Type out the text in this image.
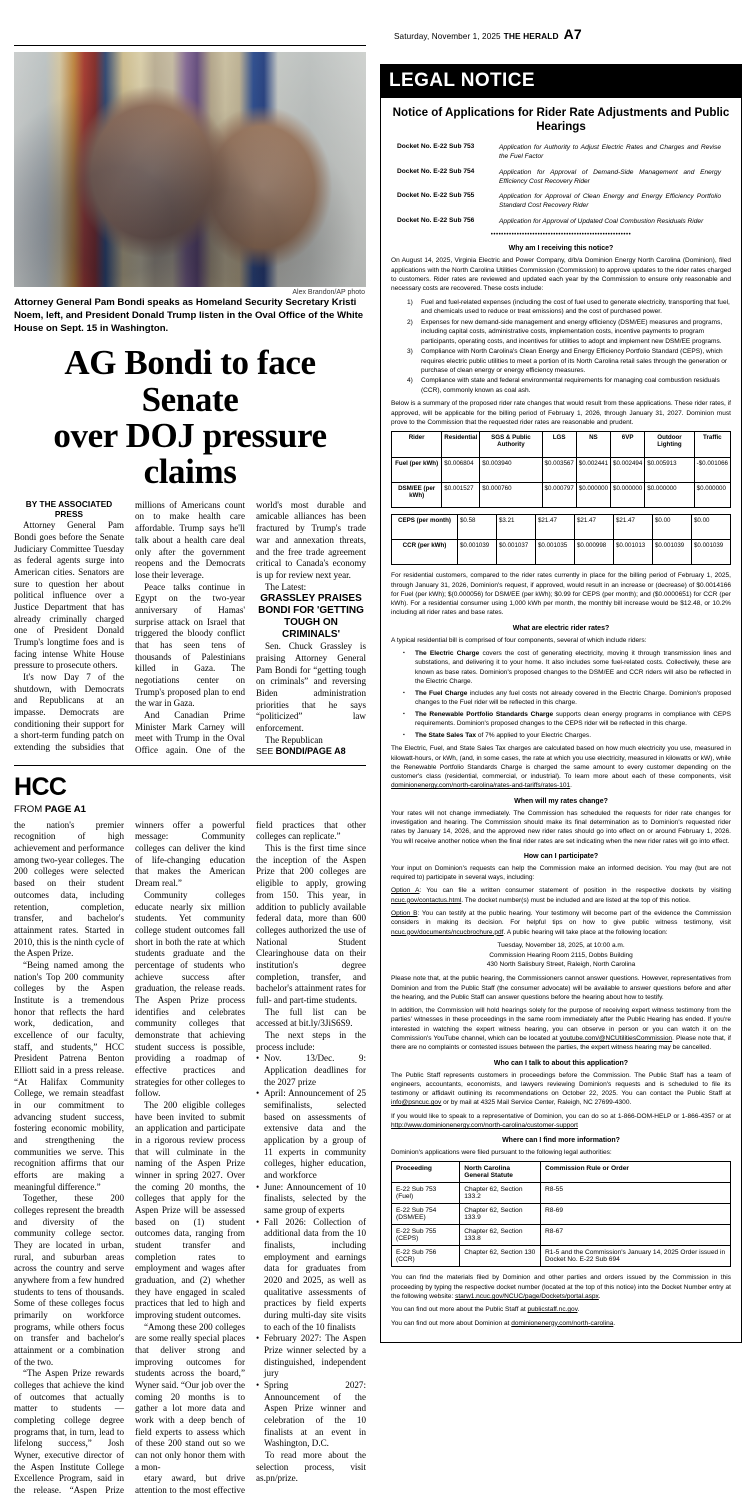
Saturday, November 1, 2025 THE HERALD A7
Alex Brandon/AP photo
Attorney General Pam Bondi speaks as Homeland Security Secretary Kristi Noem, left, and President Donald Trump listen in the Oval Office of the White House on Sept. 15 in Washington.
AG Bondi to face Senate
over DOJ pressure claims

BY THE ASSOCIATED PRESS

Attorney General Pam Bondi goes before the Senate Judiciary Committee Tuesday as federal agents surge into American cities. Senators are sure to question her about political influence over a Justice Department that has already criminally charged one of President Donald Trump's longtime foes and is facing intense White House pressure to prosecute others.

It's now Day 7 of the shutdown, with Democrats and Republicans at an impasse. Democrats are conditioning their support for a short-term funding patch on extending the subsidies that millions of Americans count on to make health care affordable. Trump says he'll talk about a health care deal only after the government reopens and the Democrats lose their leverage.

Peace talks continue in Egypt on the two-year anniversary of Hamas' surprise attack on Israel that triggered the bloody conflict that has seen tens of thousands of Palestinians killed in Gaza. The negotiations center on Trump's proposed plan to end the war in Gaza.

And Canadian Prime Minister Mark Carney will meet with Trump in the Oval Office again. One of the world's most durable and amicable alliances has been fractured by Trump's trade war and annexation threats, and the free trade agreement critical to Canada's economy is up for review next year.

The Latest:

GRASSLEY PRAISES BONDI FOR 'GETTING TOUGH ON CRIMINALS'

Sen. Chuck Grassley is praising Attorney General Pam Bondi for “getting tough on criminals” and reversing Biden administration priorities that he says “politicized” law enforcement.

The Republican

SEE BONDI/PAGE A8

HCC
FROM PAGE A1

the nation's premier recognition of high achievement and performance among two-year colleges. The 200 colleges were selected based on their student outcomes data, including retention, completion, transfer, and bachelor's attainment rates. Started in 2010, this is the ninth cycle of the Aspen Prize.

“Being named among the nation's Top 200 community colleges by the Aspen Institute is a tremendous honor that reflects the hard work, dedication, and excellence of our faculty, staff, and students,” HCC President Patrena Benton Elliott said in a press release. “At Halifax Community College, we remain steadfast in our commitment to advancing student success, fostering economic mobility, and strengthening the communities we serve. This recognition affirms that our efforts are making a meaningful difference.”

Together, these 200 colleges represent the breadth and diversity of the community college sector. They are located in urban, rural, and suburban areas across the country and serve anywhere from a few hundred students to tens of thousands. Some of these colleges focus primarily on workforce programs, while others focus on transfer and bachelor's attainment or a combination of the two.

“The Aspen Prize rewards colleges that achieve the kind of outcomes that actually matter to students — completing college degree programs that, in turn, lead to lifelong success,” Josh Wyner, executive director of the Aspen Institute College Excellence Program, said in the release. “Aspen Prize winners offer a powerful message: Community colleges can deliver the kind of life-changing education that makes the American Dream real.”

Community colleges educate nearly six million students. Yet community college student outcomes fall short in both the rate at which students graduate and the percentage of students who achieve success after graduation, the release reads. The Aspen Prize process identifies and celebrates community colleges that demonstrate that achieving student success is possible, providing a roadmap of effective practices and strategies for other colleges to follow.

The 200 eligible colleges have been invited to submit an application and participate in a rigorous review process that will culminate in the naming of the Aspen Prize winner in spring 2027. Over the coming 20 months, the colleges that apply for the Aspen Prize will be assessed based on (1) student outcomes data, ranging from student transfer and completion rates to employment and wages after graduation, and (2) whether they have engaged in scaled practices that led to high and improving student outcomes.

“Among these 200 colleges are some really special places that deliver strong and improving outcomes for students across the board,” Wyner said. “Our job over the coming 20 months is to gather a lot more data and work with a deep bench of field experts to assess which of these 200 stand out so we can not only honor them with a mon-

etary award, but drive attention to the most effective field practices that other colleges can replicate.”

This is the first time since the inception of the Aspen Prize that 200 colleges are eligible to apply, growing from 150. This year, in addition to publicly available federal data, more than 600 colleges authorized the use of National Student Clearinghouse data on their institution's degree completion, transfer, and bachelor's attainment rates for full- and part-time students.

The full list can be accessed at bit.ly/3JiS6S9.

The next steps in the process include:

• Nov. 13/Dec. 9: Application deadlines for the 2027 prize
• April: Announcement of 25 semifinalists, selected based on assessments of extensive data and the application by a group of 11 experts in community colleges, higher education, and workforce
• June: Announcement of 10 finalists, selected by the same group of experts
• Fall 2026: Collection of additional data from the 10 finalists, including employment and earnings data for graduates from 2020 and 2025, as well as qualitative assessments of practices by field experts during multi-day site visits to each of the 10 finalists
• February 2027: The Aspen Prize winner selected by a distinguished, independent jury
• Spring 2027: Announcement of the Aspen Prize winner and celebration of the 10 finalists at an event in Washington, D.C.

To read more about the selection process, visit as.pn/prize.

LEGAL NOTICE
Notice of Applications for Rider Rate Adjustments and Public Hearings
Docket No. E-22 Sub 753	Application for Authority to Adjust Electric Rates and Charges and Revise the Fuel Factor
Docket No. E-22 Sub 754	Application for Approval of Demand-Side Management and Energy Efficiency Cost Recovery Rider
Docket No. E-22 Sub 755	Application for Approval of Clean Energy and Energy Efficiency Portfolio Standard Cost Recovery Rider
Docket No. E-22 Sub 756	Application for Approval of Updated Coal Combustion Residuals Rider
••••••••••••••••••••••••••••••••••••••••••••••••••••••
Why am I receiving this notice?
On August 14, 2025, Virginia Electric and Power Company, d/b/a Dominion Energy North Carolina (Dominion), filed applications with the North Carolina Utilities Commission (Commission) to approve updates to the rider rates charged to customers. Rider rates are reviewed and updated each year by the Commission to ensure only reasonable and necessary costs are recovered. These costs include:
1) Fuel and fuel-related expenses (including the cost of fuel used to generate electricity, transporting that fuel, and chemicals used to reduce or treat emissions) and the cost of purchased power.
2) Expenses for new demand-side management and energy efficiency (DSM/EE) measures and programs, including capital costs, administrative costs, implementation costs, incentive payments to program participants, operating costs, and incentives for utilities to adopt and implement new DSM/EE programs.
3) Compliance with North Carolina's Clean Energy and Energy Efficiency Portfolio Standard (CEPS), which requires electric public utilities to meet a portion of its North Carolina retail sales through the generation or purchase of clean energy or energy efficiency measures.
4) Compliance with state and federal environmental requirements for managing coal combustion residuals (CCR), commonly known as coal ash.
Below is a summary of the proposed rider rate changes that would result from these applications. These rider rates, if approved, will be applicable for the billing period of February 1, 2026, through January 31, 2027. Dominion must prove to the Commission that the requested rider rates are reasonable and prudent.
Rider	Residential	SGS & Public Authority	LGS	NS	6VP	Outdoor Lighting	Traffic
Fuel (per kWh)	$0.006804	$0.003940	$0.003567	$0.002441	$0.002494	$0.005913	-$0.001066
DSM/EE (per kWh)	$0.001527	$0.000760	$0.000797	$0.000000	$0.000000	$0.000000	$0.000000
CEPS (per month)	$0.58	$3.21	$21.47	$21.47	$21.47	$0.00	$0.00
CCR (per kWh)	$0.001039	$0.001037	$0.001035	$0.000998	$0.001013	$0.001039	$0.001039
For residential customers, compared to the rider rates currently in place for the billing period of February 1, 2025, through January 31, 2026, Dominion's request, if approved, would result in an increase or (decrease) of $0.0014166 for Fuel (per kWh); $(0.000056) for DSM/EE (per kWh); $0.99 for CEPS (per month); and ($0.0000651) for CCR (per kWh). For a residential consumer using 1,000 kWh per month, the monthly bill increase would be $12.48, or 10.2% including all rider rates and base rates.
What are electric rider rates?
A typical residential bill is comprised of four components, several of which include riders:
▪ The Electric Charge covers the cost of generating electricity, moving it through transmission lines and substations, and delivering it to your home. It also includes some fuel-related costs. Collectively, these are known as base rates. Dominion's proposed changes to the DSM/EE and CCR riders will also be reflected in the Electric Charge.
▪ The Fuel Charge includes any fuel costs not already covered in the Electric Charge. Dominion's proposed changes to the Fuel rider will be reflected in this charge.
▪ The Renewable Portfolio Standards Charge supports clean energy programs in compliance with CEPS requirements. Dominion's proposed changes to the CEPS rider will be reflected in this charge.
▪ The State Sales Tax of 7% applied to your Electric Charges.
The Electric, Fuel, and State Sales Tax charges are calculated based on how much electricity you use, measured in kilowatt-hours, or kWh, (and, in some cases, the rate at which you use electricity, measured in kilowatts or kW), while the Renewable Portfolio Standards Charge is charged the same amount to every customer depending on the customer's class (residential, commercial, or industrial). To learn more about each of these components, visit dominionenergy.com/north-carolina/rates-and-tariffs/rates-101.
When will my rates change?
Your rates will not change immediately. The Commission has scheduled the requests for rider rate changes for investigation and hearing. The Commission should make its final determination as to Dominion's requested rider rates by January 14, 2026, and the approved new rider rates should go into effect on or around February 1, 2026. You will receive another notice when the final rider rates are set indicating when the new rider rates will go into effect.
How can I participate?
Your input on Dominion's requests can help the Commission make an informed decision. You may (but are not required to) participate in several ways, including:
Option A: You can file a written consumer statement of position in the respective dockets by visiting ncuc.gov/contactus.html. The docket number(s) must be included and are listed at the top of this notice.
Option B: You can testify at the public hearing. Your testimony will become part of the evidence the Commission considers in making its decision. For helpful tips on how to give public witness testimony, visit ncuc.gov/documents/ncucbrochure.pdf. A public hearing will take place at the following location:
Tuesday, November 18, 2025, at 10:00 a.m.
Commission Hearing Room 2115, Dobbs Building
430 North Salisbury Street, Raleigh, North Carolina
Please note that, at the public hearing, the Commissioners cannot answer questions. However, representatives from Dominion and from the Public Staff (the consumer advocate) will be available to answer questions before and after the hearing, and the Public Staff can answer questions before the hearing about how to testify.
In addition, the Commission will hold hearings solely for the purpose of receiving expert witness testimony from the parties' witnesses in these proceedings in the same room immediately after the Public Hearing has ended. If you're interested in watching the expert witness hearing, you can observe in person or you can watch it on the Commission's YouTube channel, which can be located at youtube.com/@NCUtilitiesCommission. Please note that, if there are no complaints or contested issues between the parties, the expert witness hearing may be cancelled.
Who can I talk to about this application?
The Public Staff represents customers in proceedings before the Commission. The Public Staff has a team of engineers, accountants, economists, and lawyers reviewing Dominion's requests and is scheduled to file its testimony or affidavit outlining its recommendations on October 22, 2025. You can contact the Public Staff at info@psncuc.gov or by mail at 4325 Mail Service Center, Raleigh, NC 27699-4300.
If you would like to speak to a representative of Dominion, you can do so at 1-866-DOM-HELP or 1-866-4357 or at http://www.dominionenergy.com/north-carolina/customer-support
Where can I find more information?
Dominion's applications were filed pursuant to the following legal authorities:
Proceeding	North Carolina General Statute	Commission Rule or Order
E-22 Sub 753 (Fuel)	Chapter 62, Section 133.2	R8-55
E-22 Sub 754 (DSM/EE)	Chapter 62, Section 133.9	R8-69
E-22 Sub 755 (CEPS)	Chapter 62, Section 133.8	R8-67
E-22 Sub 756 (CCR)	Chapter 62, Section 130	R1-5 and the Commission's January 14, 2025 Order issued in Docket No. E-22 Sub 694
You can find the materials filed by Dominion and other parties and orders issued by the Commission in this proceeding by typing the respective docket number (located at the top of this notice) into the Docket Number entry at the following website: starw1.ncuc.gov/NCUC/page/Dockets/portal.aspx.
You can find out more about the Public Staff at publicstaff.nc.gov.
You can find out more about Dominion at dominionenergy.com/north-carolina.
